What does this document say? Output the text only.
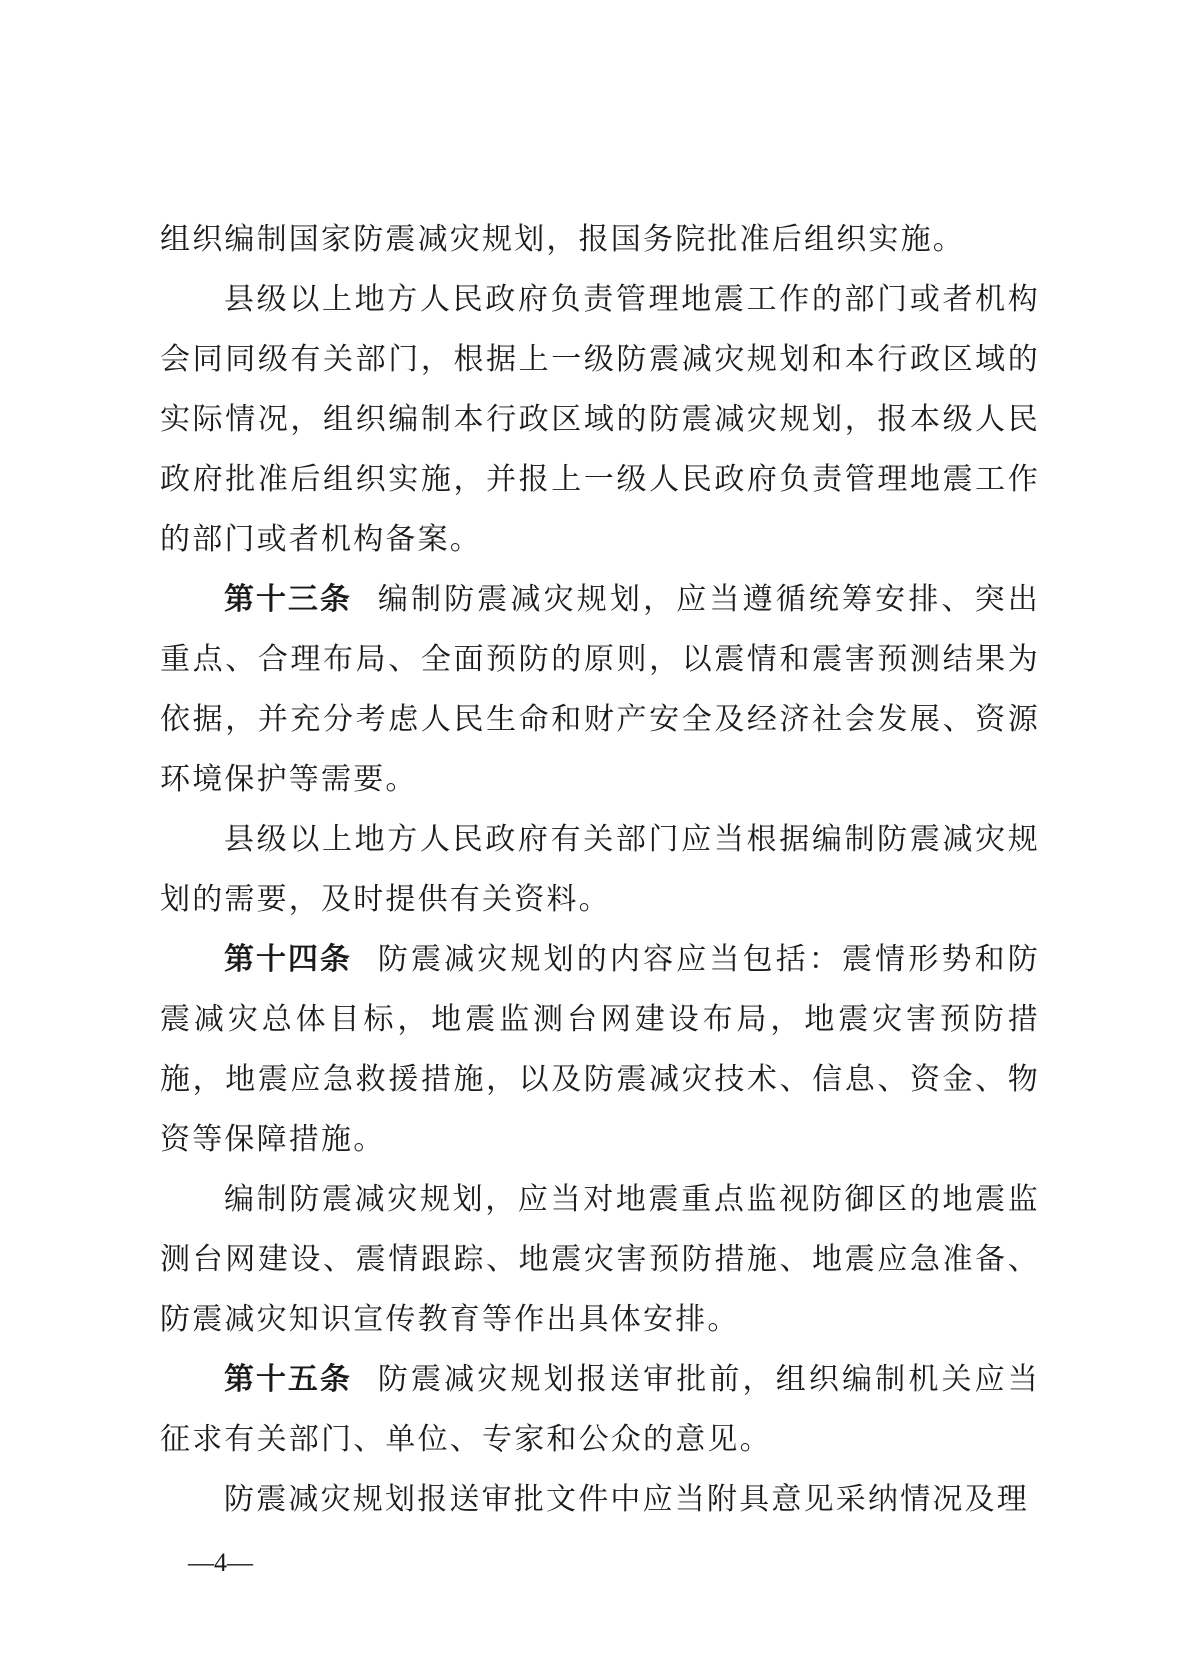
组织编制国家防震减灾规划，报国务院批准后组织实施。

县级以上地方人民政府负责管理地震工作的部门或者机构会同同级有关部门，根据上一级防震减灾规划和本行政区域的实际情况，组织编制本行政区域的防震减灾规划，报本级人民政府批准后组织实施，并报上一级人民政府负责管理地震工作的部门或者机构备案。

第十三条 编制防震减灾规划，应当遵循统筹安排、突出重点、合理布局、全面预防的原则，以震情和震害预测结果为依据，并充分考虑人民生命和财产安全及经济社会发展、资源环境保护等需要。

县级以上地方人民政府有关部门应当根据编制防震减灾规划的需要，及时提供有关资料。

第十四条 防震减灾规划的内容应当包括：震情形势和防震减灾总体目标，地震监测台网建设布局，地震灾害预防措施，地震应急救援措施，以及防震减灾技术、信息、资金、物资等保障措施。

编制防震减灾规划，应当对地震重点监视防御区的地震监测台网建设、震情跟踪、地震灾害预防措施、地震应急准备、防震减灾知识宣传教育等作出具体安排。

第十五条 防震减灾规划报送审批前，组织编制机关应当征求有关部门、单位、专家和公众的意见。

防震减灾规划报送审批文件中应当附具意见采纳情况及理

—4—
